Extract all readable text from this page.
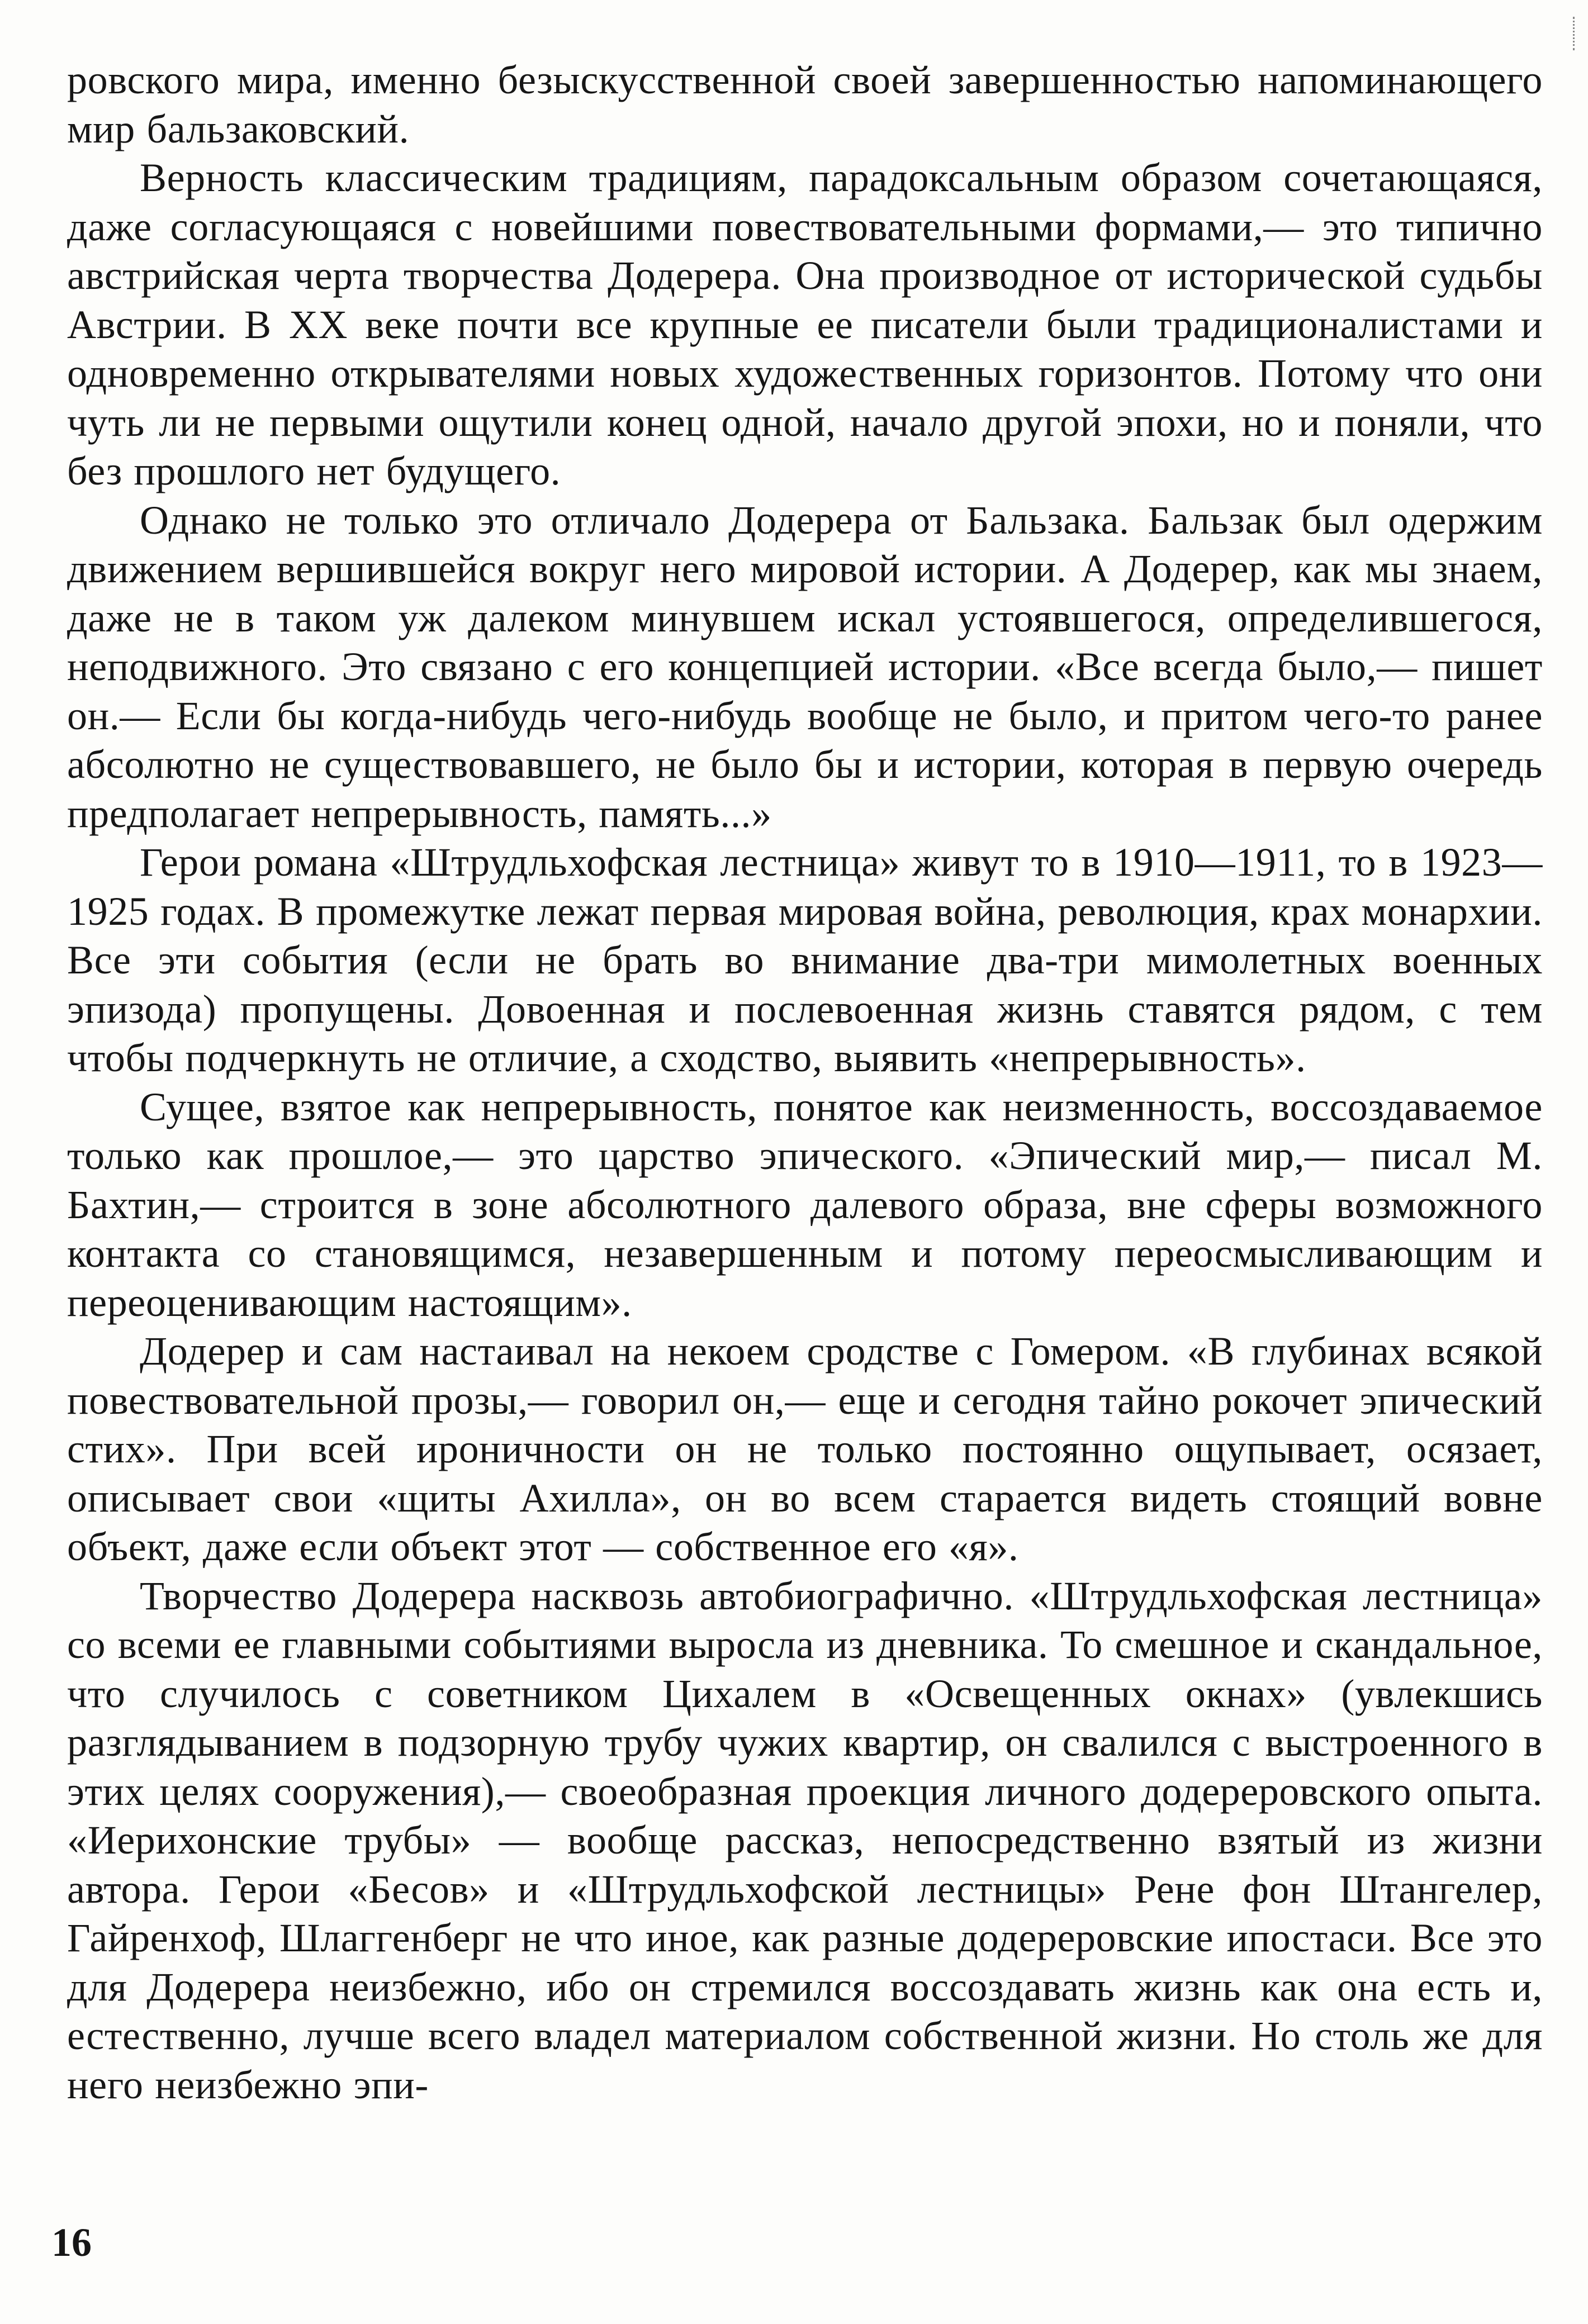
ровского мира, именно безыскусственной своей завершенностью напоминающего мир бальзаковский.

Верность классическим традициям, парадоксальным образом сочетающаяся, даже согласующаяся с новейшими повествовательными формами,— это типично австрийская черта творчества Додерера. Она производное от исторической судьбы Австрии. В XX веке почти все крупные ее писатели были традиционалистами и одновременно открывателями новых художественных горизонтов. Потому что они чуть ли не первыми ощутили конец одной, начало другой эпохи, но и поняли, что без прошлого нет будущего.

Однако не только это отличало Додерера от Бальзака. Бальзак был одержим движением вершившейся вокруг него мировой истории. А Додерер, как мы знаем, даже не в таком уж далеком минувшем искал устоявшегося, определившегося, неподвижного. Это связано с его концепцией истории. «Все всегда было,— пишет он.— Если бы когда-нибудь чего-нибудь вообще не было, и притом чего-то ранее абсолютно не существовавшего, не было бы и истории, которая в первую очередь предполагает непрерывность, память...»

Герои романа «Штрудльхофская лестница» живут то в 1910—1911, то в 1923—1925 годах. В промежутке лежат первая мировая война, революция, крах монархии. Все эти события (если не брать во внимание два-три мимолетных военных эпизода) пропущены. Довоенная и послевоенная жизнь ставятся рядом, с тем чтобы подчеркнуть не отличие, а сходство, выявить «непрерывность».

Сущее, взятое как непрерывность, понятое как неизменность, воссоздаваемое только как прошлое,— это царство эпического. «Эпический мир,— писал М. Бахтин,— строится в зоне абсолютного далевого образа, вне сферы возможного контакта со становящимся, незавершенным и потому переосмысливающим и переоценивающим настоящим».

Додерер и сам настаивал на некоем сродстве с Гомером. «В глубинах всякой повествовательной прозы,— говорил он,— еще и сегодня тайно рокочет эпический стих». При всей ироничности он не только постоянно ощупывает, осязает, описывает свои «щиты Ахилла», он во всем старается видеть стоящий вовне объект, даже если объект этот — собственное его «я».

Творчество Додерера насквозь автобиографично. «Штрудльхофская лестница» со всеми ее главными событиями выросла из дневника. То смешное и скандальное, что случилось с советником Цихалем в «Освещенных окнах» (увлекшись разглядыванием в подзорную трубу чужих квартир, он свалился с выстроенного в этих целях сооружения),— своеобразная проекция личного додереровского опыта. «Иерихонские трубы» — вообще рассказ, непосредственно взятый из жизни автора. Герои «Бесов» и «Штрудльхофской лестницы» Рене фон Штангелер, Гайренхоф, Шлаггенберг не что иное, как разные додереровские ипостаси. Все это для Додерера неизбежно, ибо он стремился воссоздавать жизнь как она есть и, естественно, лучше всего владел материалом собственной жизни. Но столь же для него неизбежно эпи-

16
